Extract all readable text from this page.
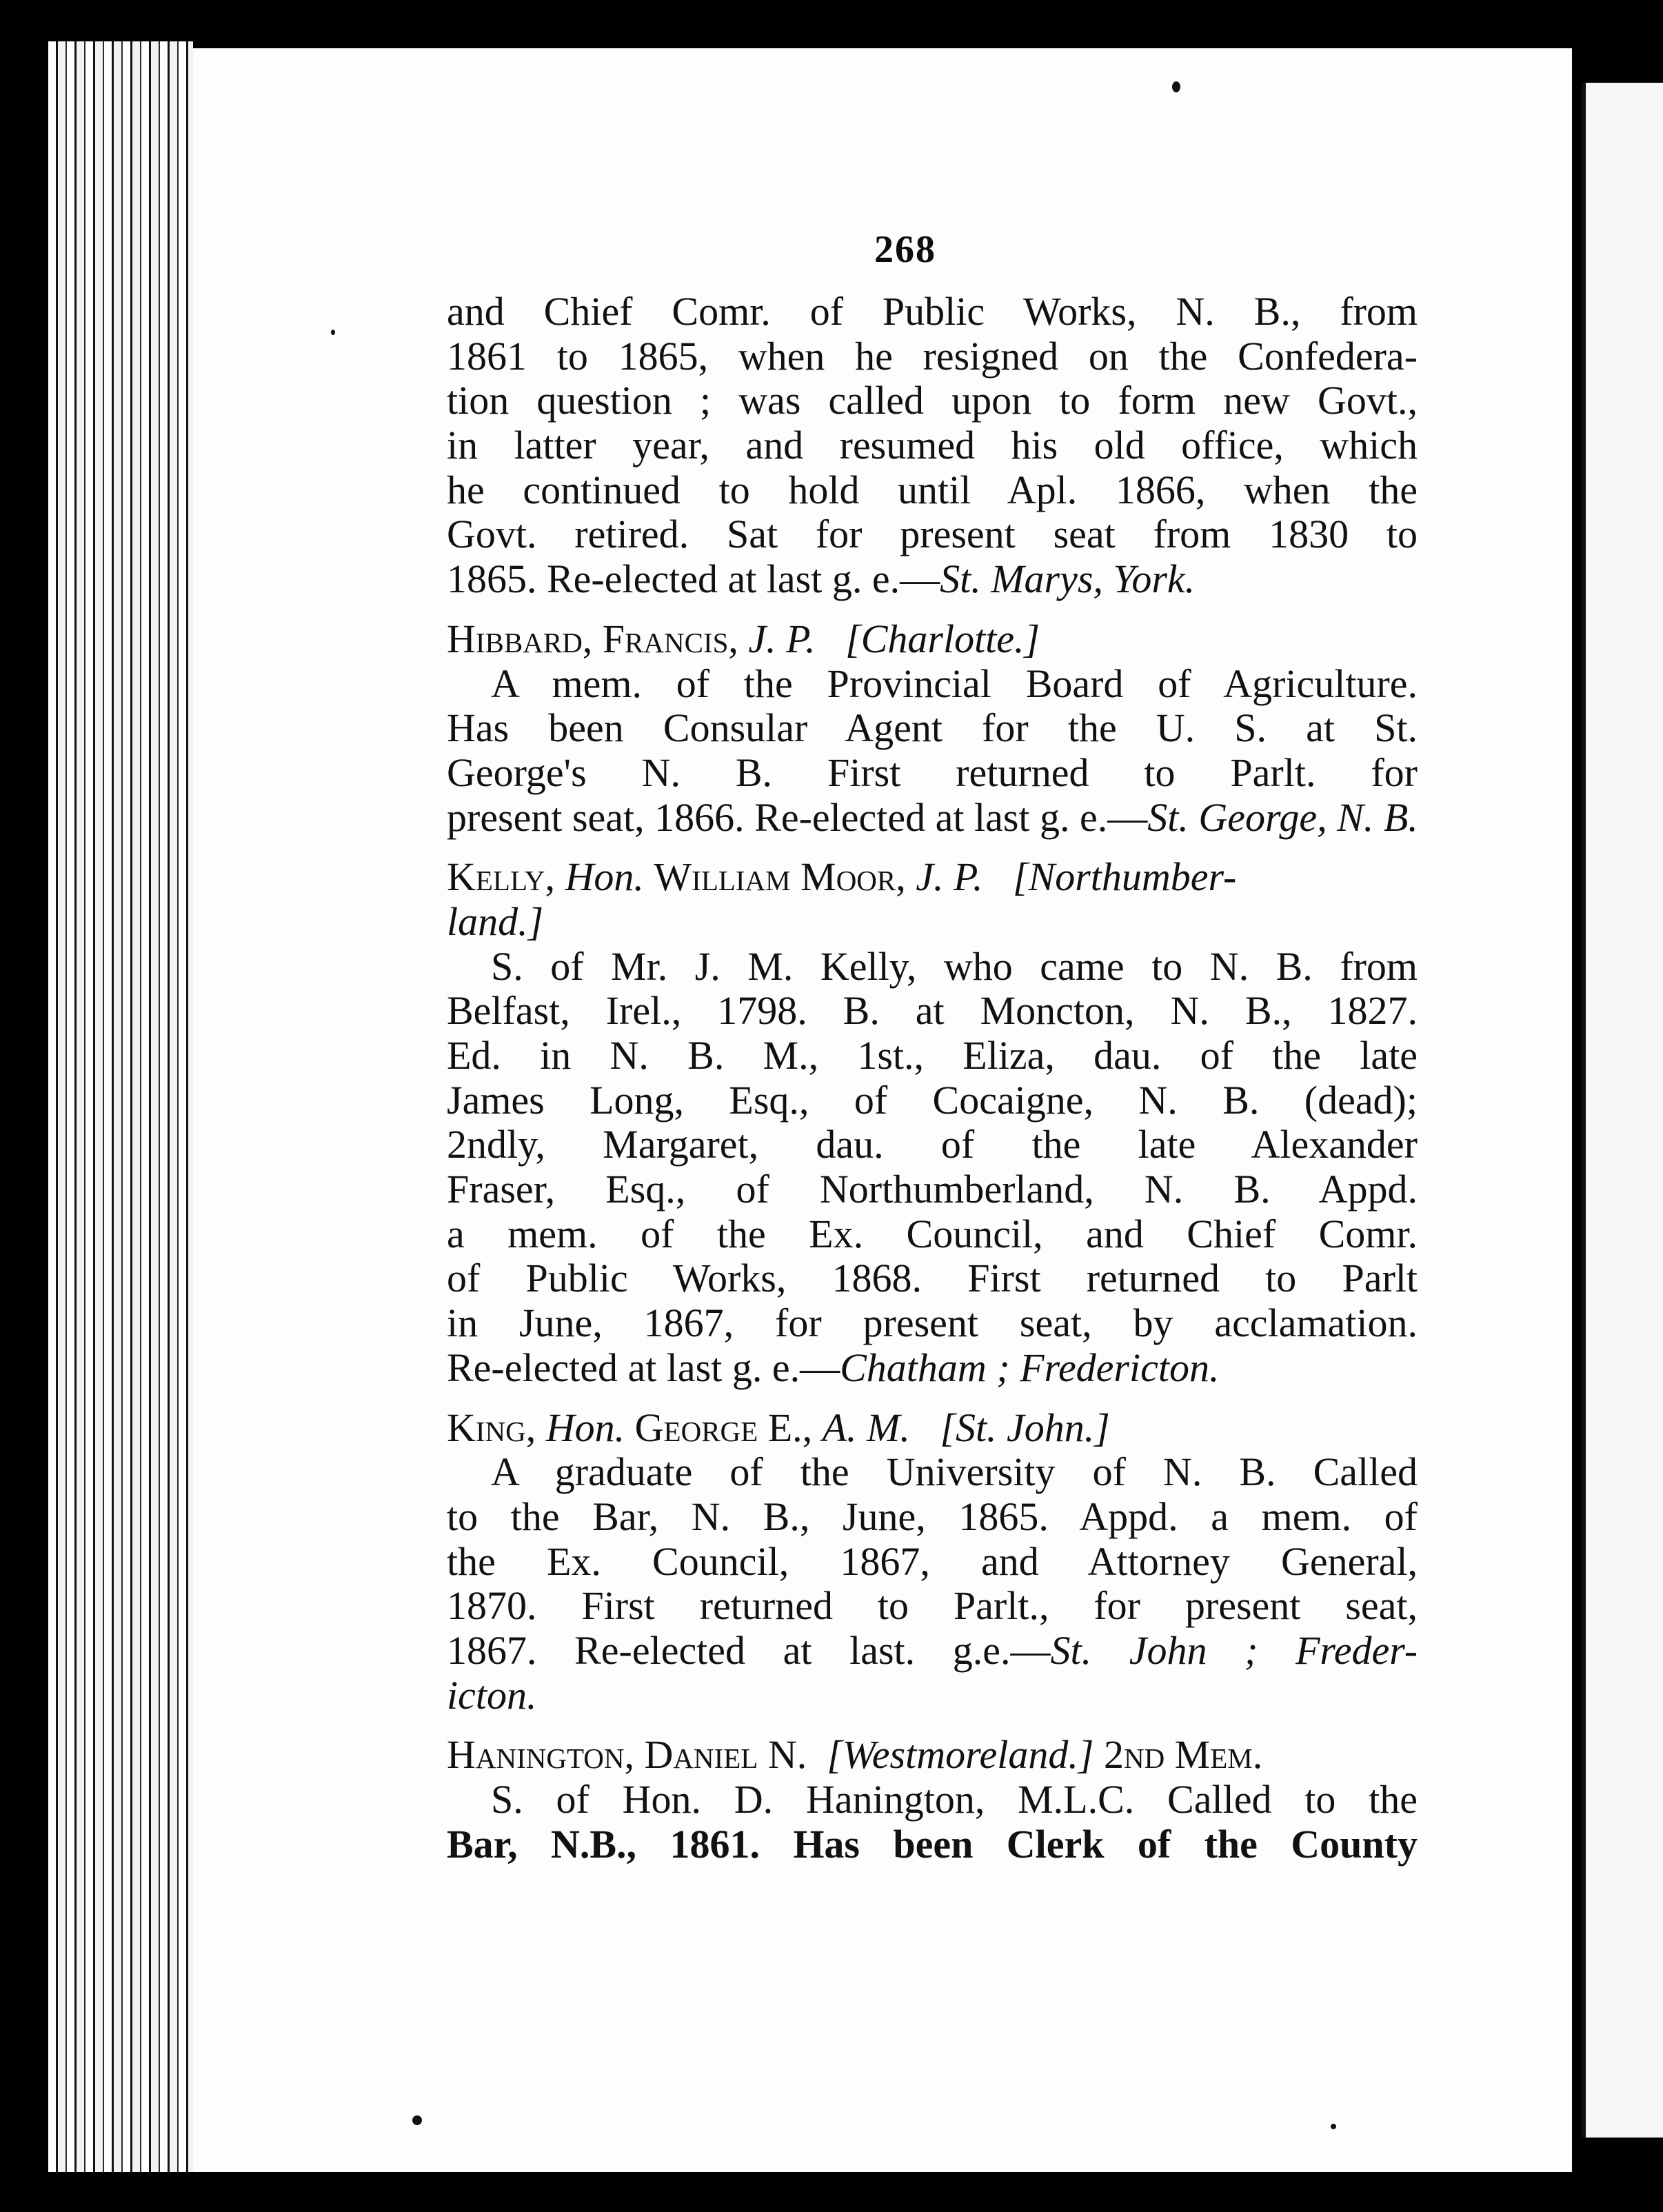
268
and Chief Comr. of Public Works, N. B., from
1861 to 1865, when he resigned on the Confedera-
tion question ; was called upon to form new Govt.,
in latter year, and resumed his old office, which
he continued to hold until Apl. 1866, when the
Govt. retired. Sat for present seat from 1830 to
1865. Re-elected at last g. e.—St. Marys, York.
Hibbard, Francis, J. P. [Charlotte.]
A mem. of the Provincial Board of Agriculture.
Has been Consular Agent for the U. S. at St.
George's N. B. First returned to Parlt. for
present seat, 1866. Re-elected at last g. e.—St. George, N. B.
Kelly, Hon. William Moor, J. P. [Northumber-
land.]
S. of Mr. J. M. Kelly, who came to N. B. from
Belfast, Irel., 1798. B. at Moncton, N. B., 1827.
Ed. in N. B. M., 1st., Eliza, dau. of the late
James Long, Esq., of Cocaigne, N. B. (dead);
2ndly, Margaret, dau. of the late Alexander
Fraser, Esq., of Northumberland, N. B. Appd.
a mem. of the Ex. Council, and Chief Comr.
of Public Works, 1868. First returned to Parlt
in June, 1867, for present seat, by acclamation.
Re-elected at last g. e.—Chatham ; Fredericton.
King, Hon. George E., A. M. [St. John.]
A graduate of the University of N. B. Called
to the Bar, N. B., June, 1865. Appd. a mem. of
the Ex. Council, 1867, and Attorney General,
1870. First returned to Parlt., for present seat,
1867. Re-elected at last. g.e.—St. John ; Freder-
icton.
Hanington, Daniel N. [Westmoreland.] 2nd Mem.
S. of Hon. D. Hanington, M.L.C. Called to the
Bar, N.B., 1861. Has been Clerk of the County
